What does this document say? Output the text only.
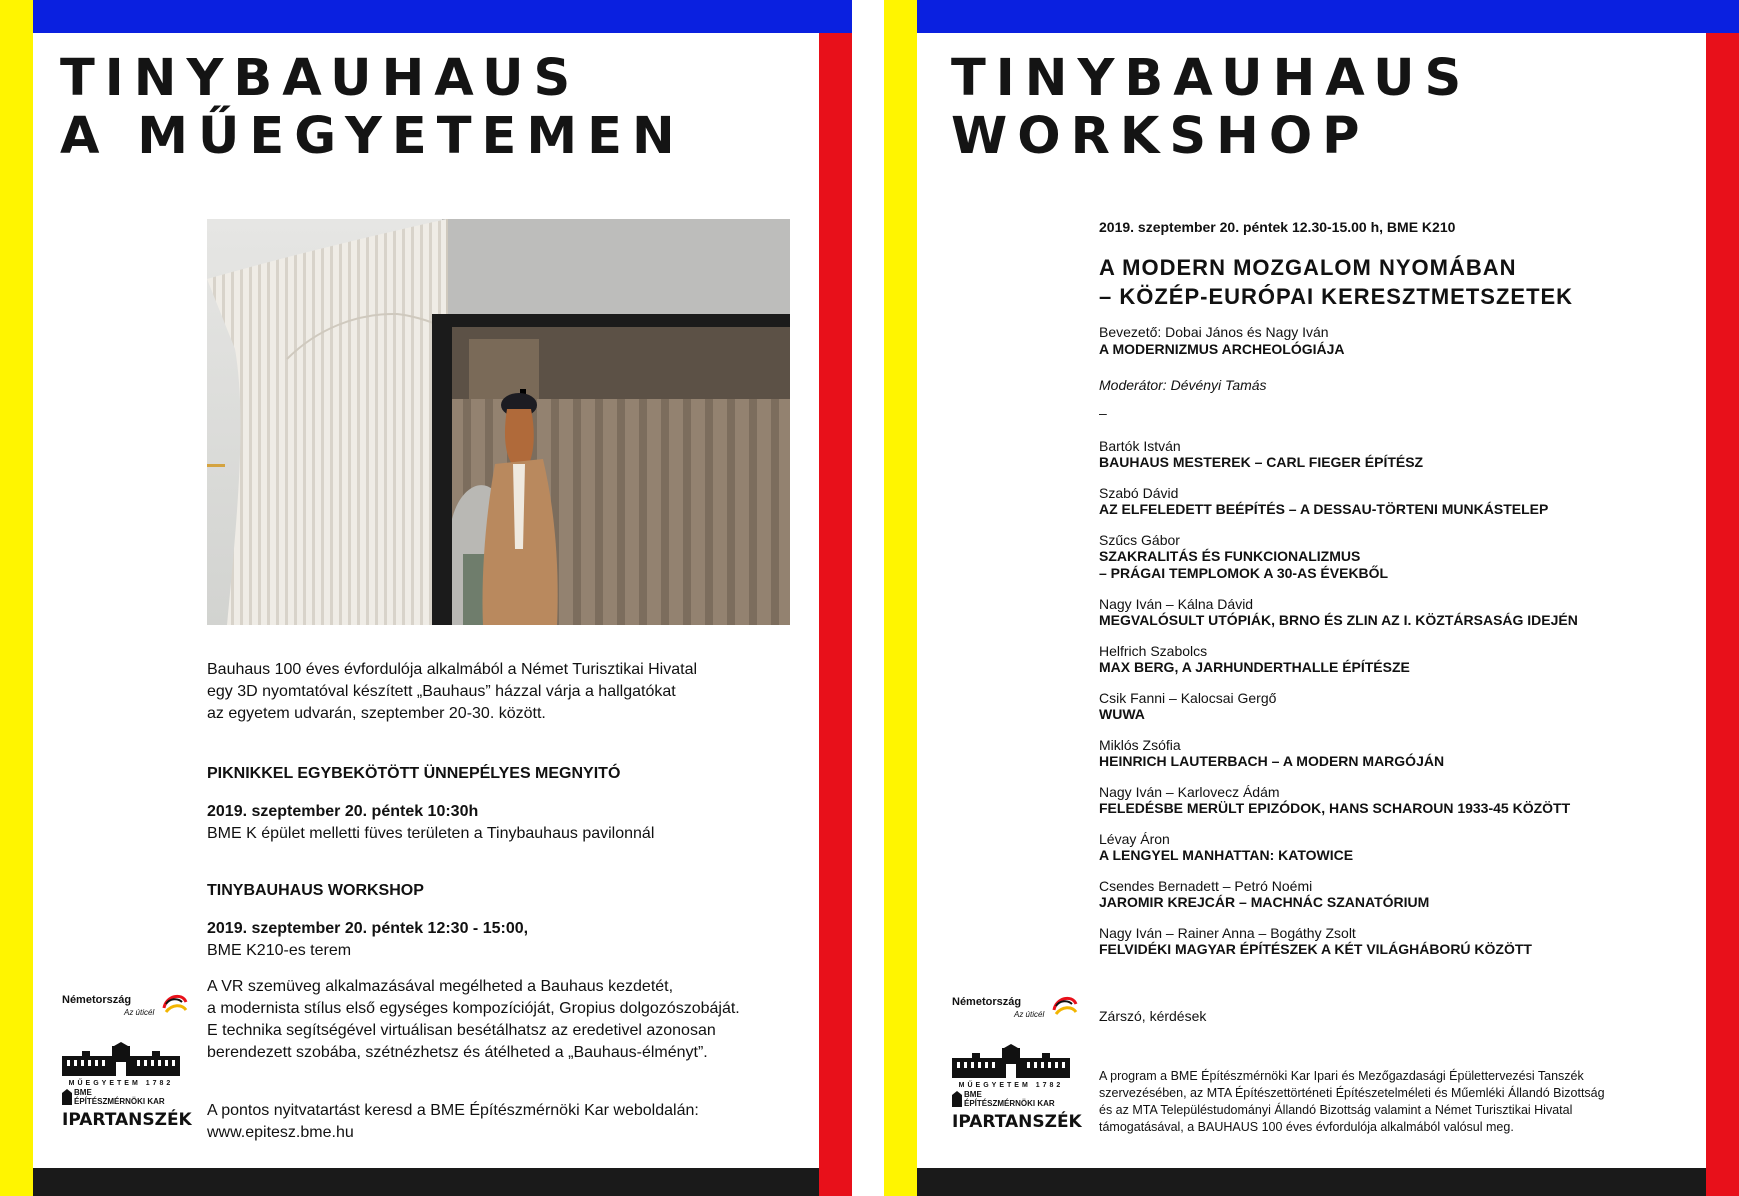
TINYBAUHAUS
A MŰEGYETEMEN
Bauhaus 100 éves évfordulója alkalmából a Német Turisztikai Hivatal
egy 3D nyomtatóval készített „Bauhaus” házzal várja a hallgatókat
az egyetem udvarán, szeptember 20-30. között.
PIKNIKKEL EGYBEKÖTÖTT ÜNNEPÉLYES MEGNYITÓ
2019. szeptember 20. péntek 10:30h
BME K épület melletti füves területen a Tinybauhaus pavilonnál
TINYBAUHAUS WORKSHOP
2019. szeptember 20. péntek 12:30 - 15:00,
BME K210-es terem
A VR szemüveg alkalmazásával megélheted a Bauhaus kezdetét,
a modernista stílus első egységes kompozícióját, Gropius dolgozószobáját.
E technika segítségével virtuálisan besétálhatsz az eredetivel azonosan
berendezett szobába, szétnézhetsz és átélheted a „Bauhaus-élményt”.
A pontos nyitvatartást keresd a BME Építészmérnöki Kar weboldalán:
www.epitesz.bme.hu
Németország
Az úticél
MŰEGYETEM 1782
BME
ÉPÍTÉSZMÉRNÖKI KAR
IPARTANSZÉK
TINYBAUHAUS
WORKSHOP
2019. szeptember 20. péntek 12.30-15.00 h, BME K210
A MODERN MOZGALOM NYOMÁBAN
– KÖZÉP-EURÓPAI KERESZTMETSZETEK
Bevezető: Dobai János és Nagy Iván
A MODERNIZMUS ARCHEOLÓGIÁJA
Moderátor: Dévényi Tamás
–
Bartók István
BAUHAUS MESTEREK – CARL FIEGER ÉPÍTÉSZ
Szabó Dávid
AZ ELFELEDETT BEÉPÍTÉS – A DESSAU-TÖRTENI MUNKÁSTELEP
Szűcs Gábor
SZAKRALITÁS ÉS FUNKCIONALIZMUS
– PRÁGAI TEMPLOMOK A 30-AS ÉVEKBŐL
Nagy Iván – Kálna Dávid
MEGVALÓSULT UTÓPIÁK, BRNO ÉS ZLIN AZ I. KÖZTÁRSASÁG IDEJÉN
Helfrich Szabolcs
MAX BERG, A JARHUNDERTHALLE ÉPÍTÉSZE
Csik Fanni – Kalocsai Gergő
WUWA
Miklós Zsófia
HEINRICH LAUTERBACH – A MODERN MARGÓJÁN
Nagy Iván – Karlovecz Ádám
FELEDÉSBE MERÜLT EPIZÓDOK, HANS SCHAROUN 1933-45 KÖZÖTT
Lévay Áron
A LENGYEL MANHATTAN: KATOWICE
Csendes Bernadett – Petró Noémi
JAROMIR KREJCÁR – MACHNÁC SZANATÓRIUM
Nagy Iván – Rainer Anna – Bogáthy Zsolt
FELVIDÉKI MAGYAR ÉPÍTÉSZEK A KÉT VILÁGHÁBORÚ KÖZÖTT
Zárszó, kérdések
A program a BME Építészmérnöki Kar Ipari és Mezőgazdasági Épülettervezési Tanszék
szervezésében, az MTA Építészettörténeti Építészetelméleti és Műemléki Állandó Bizottság
és az MTA Településtudományi Állandó Bizottság valamint a Német Turisztikai Hivatal
támogatásával, a BAUHAUS 100 éves évfordulója alkalmából valósul meg.
Németország
Az úticél
MŰEGYETEM 1782
BME
ÉPÍTÉSZMÉRNÖKI KAR
IPARTANSZÉK
